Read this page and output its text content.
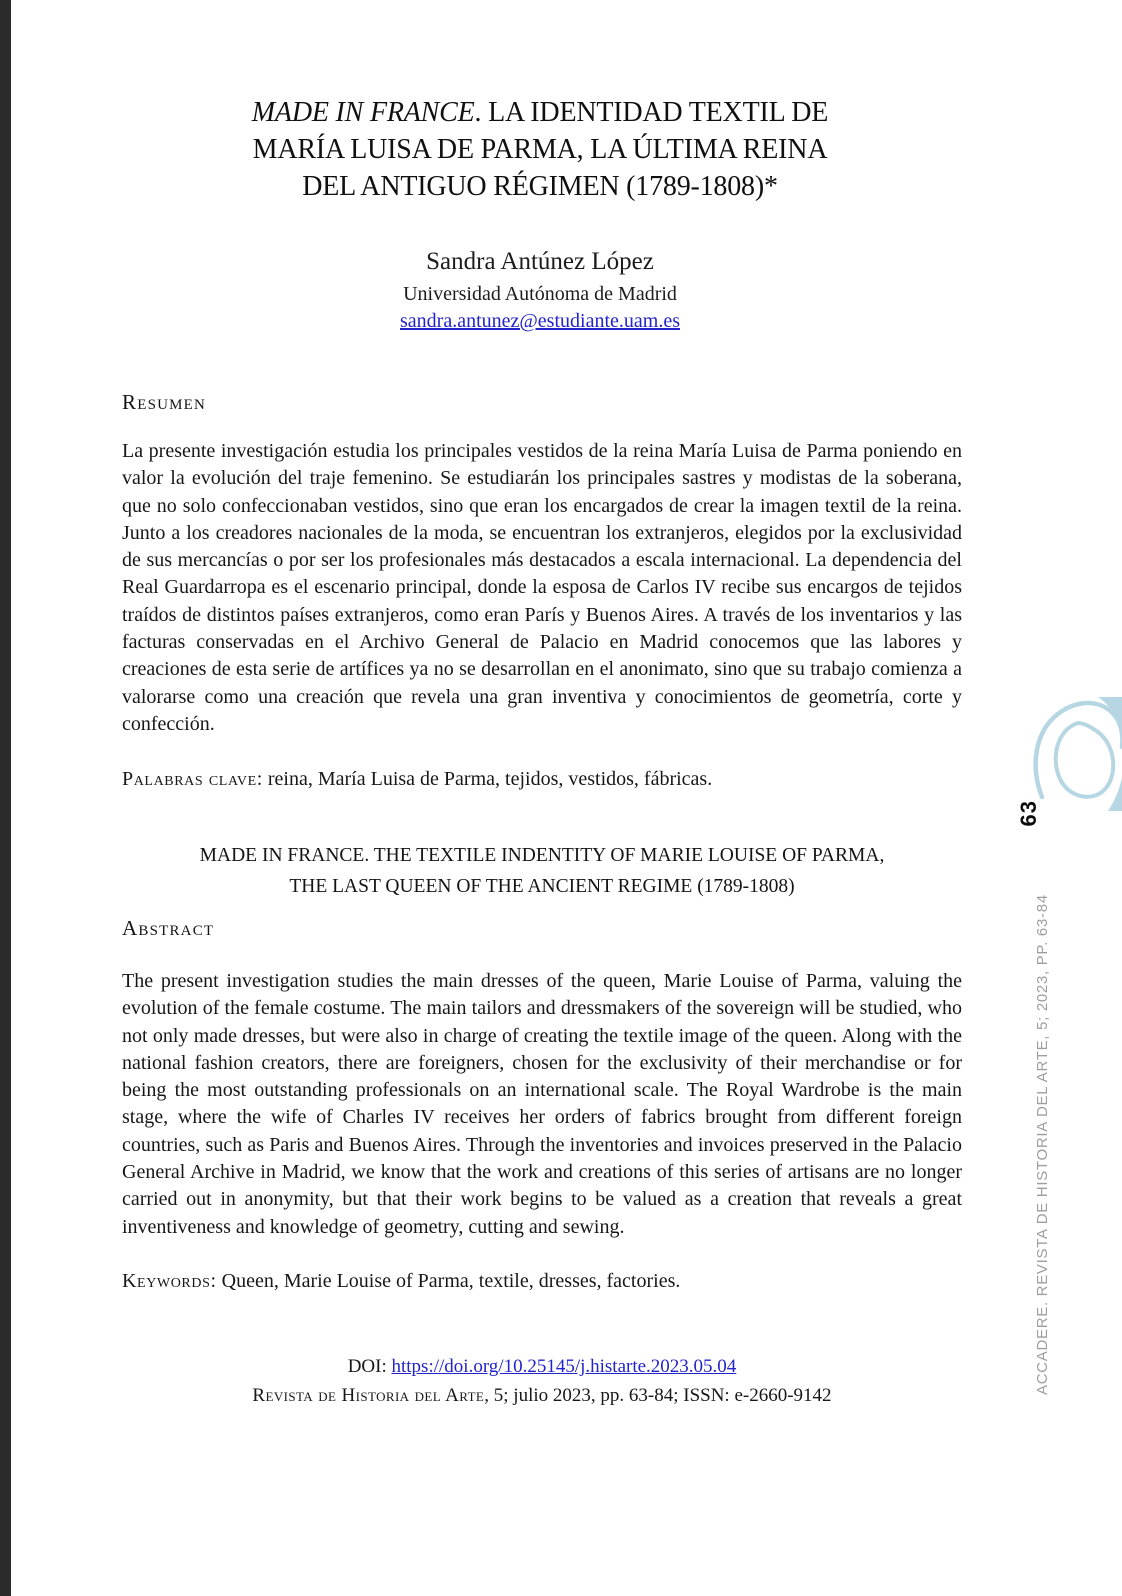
MADE IN FRANCE. LA IDENTIDAD TEXTIL DE
MARÍA LUISA DE PARMA, LA ÚLTIMA REINA
DEL ANTIGUO RÉGIMEN (1789-1808)*
Sandra Antúnez López
Universidad Autónoma de Madrid
sandra.antunez@estudiante.uam.es
Resumen
La presente investigación estudia los principales vestidos de la reina María Luisa de Parma poniendo en valor la evolución del traje femenino. Se estudiarán los principales sastres y modistas de la soberana, que no solo confeccionaban vestidos, sino que eran los encargados de crear la imagen textil de la reina. Junto a los creadores nacionales de la moda, se encuentran los extranjeros, elegidos por la exclusividad de sus mercancías o por ser los profesionales más destacados a escala internacional. La dependencia del Real Guardarropa es el escenario principal, donde la esposa de Carlos IV recibe sus encargos de tejidos traídos de distintos países extranjeros, como eran París y Buenos Aires. A través de los inventarios y las facturas conservadas en el Archivo General de Palacio en Madrid conocemos que las labores y creaciones de esta serie de artífices ya no se desarrollan en el anonimato, sino que su trabajo comienza a valorarse como una creación que revela una gran inventiva y conocimientos de geometría, corte y confección.
Palabras clave: reina, María Luisa de Parma, tejidos, vestidos, fábricas.
MADE IN FRANCE. THE TEXTILE INDENTITY OF MARIE LOUISE OF PARMA,
THE LAST QUEEN OF THE ANCIENT REGIME (1789-1808)
Abstract
The present investigation studies the main dresses of the queen, Marie Louise of Parma, valuing the evolution of the female costume. The main tailors and dressmakers of the sovereign will be studied, who not only made dresses, but were also in charge of creating the textile image of the queen. Along with the national fashion creators, there are foreigners, chosen for the exclusivity of their merchandise or for being the most outstanding professionals on an international scale. The Royal Wardrobe is the main stage, where the wife of Charles IV receives her orders of fabrics brought from different foreign countries, such as Paris and Buenos Aires. Through the inventories and invoices preserved in the Palacio General Archive in Madrid, we know that the work and creations of this series of artisans are no longer carried out in anonymity, but that their work begins to be valued as a creation that reveals a great inventiveness and knowledge of geometry, cutting and sewing.
Keywords: Queen, Marie Louise of Parma, textile, dresses, factories.
DOI: https://doi.org/10.25145/j.histarte.2023.05.04
Revista de Historia del Arte, 5; julio 2023, pp. 63-84; ISSN: e-2660-9142
ACCADERE. REVISTA DE HISTORIA DEL ARTE, 5; 2023, PP. 63-84
63
